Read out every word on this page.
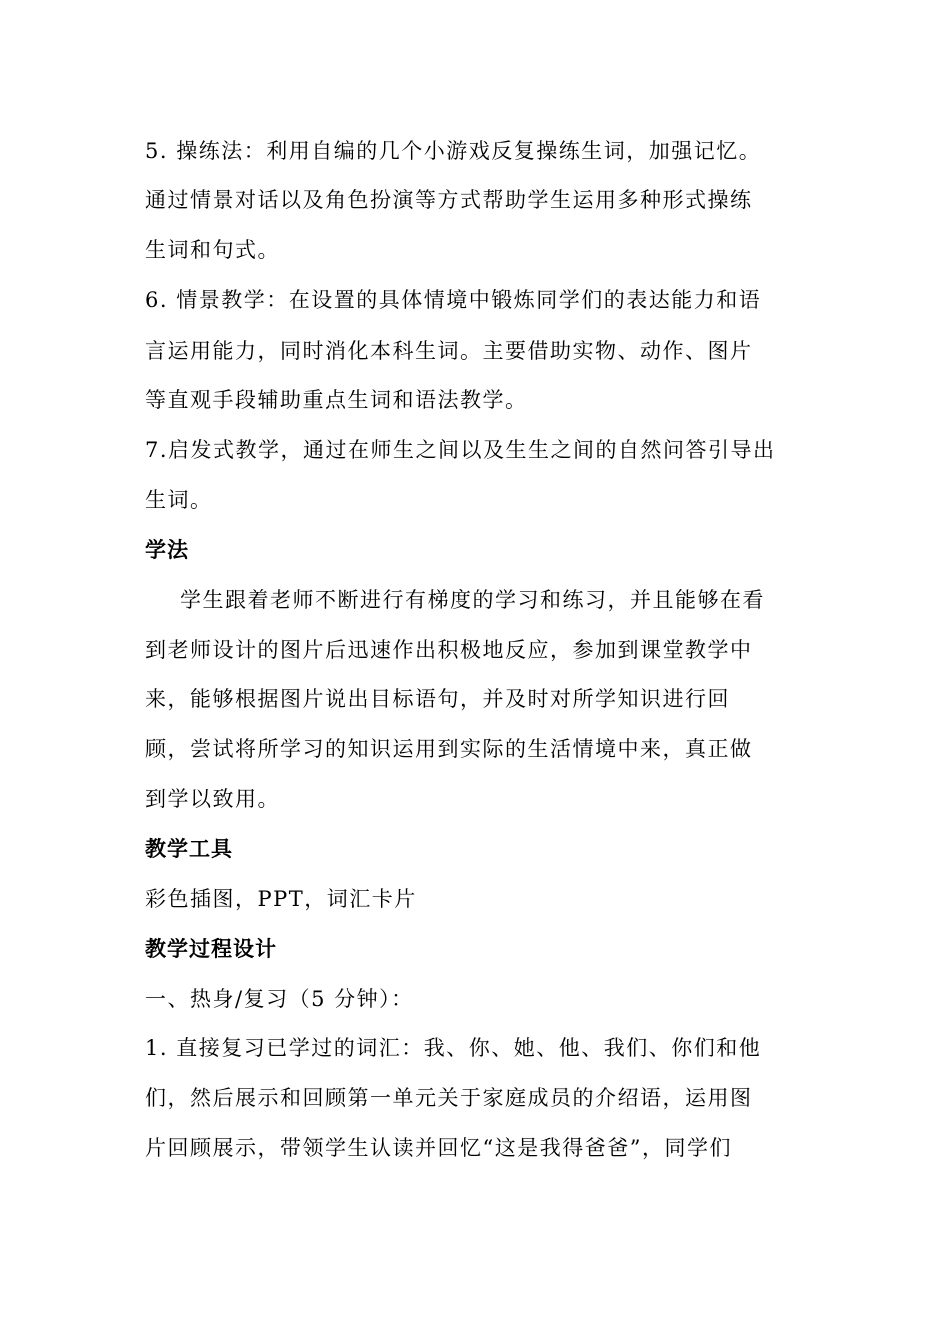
5. 操练法：利用自编的几个小游戏反复操练生词，加强记忆。
通过情景对话以及角色扮演等方式帮助学生运用多种形式操练
生词和句式。
6. 情景教学：在设置的具体情境中锻炼同学们的表达能力和语
言运用能力，同时消化本科生词。主要借助实物、动作、图片
等直观手段辅助重点生词和语法教学。
7.启发式教学，通过在师生之间以及生生之间的自然问答引导出
生词。
学法
学生跟着老师不断进行有梯度的学习和练习，并且能够在看
到老师设计的图片后迅速作出积极地反应，参加到课堂教学中
来，能够根据图片说出目标语句，并及时对所学知识进行回
顾，尝试将所学习的知识运用到实际的生活情境中来，真正做
到学以致用。
教学工具
彩色插图，PPT，词汇卡片
教学过程设计
一、热身/复习（5 分钟）：
1. 直接复习已学过的词汇：我、你、她、他、我们、你们和他
们，然后展示和回顾第一单元关于家庭成员的介绍语，运用图
片回顾展示，带领学生认读并回忆“这是我得爸爸”，同学们
